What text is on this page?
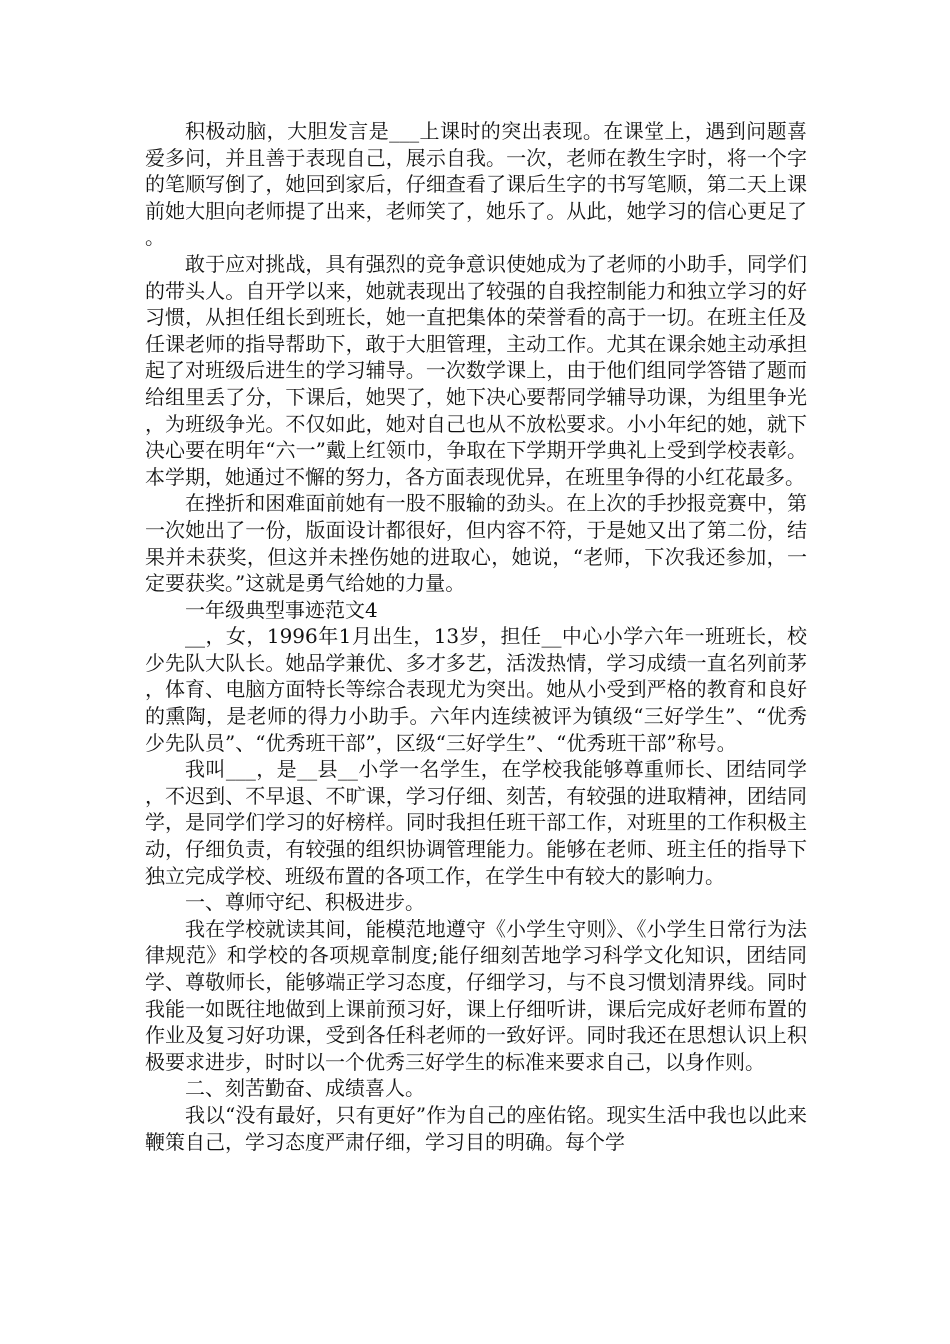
积极动脑，大胆发言是___上课时的突出表现。在课堂上，遇到问题喜爱多问，并且善于表现自己，展示自我。一次，老师在教生字时，将一个字的笔顺写倒了，她回到家后，仔细查看了课后生字的书写笔顺，第二天上课前她大胆向老师提了出来，老师笑了，她乐了。从此，她学习的信心更足了。

敢于应对挑战，具有强烈的竞争意识使她成为了老师的小助手，同学们的带头人。自开学以来，她就表现出了较强的自我控制能力和独立学习的好习惯，从担任组长到班长，她一直把集体的荣誉看的高于一切。在班主任及任课老师的指导帮助下，敢于大胆管理，主动工作。尤其在课余她主动承担起了对班级后进生的学习辅导。一次数学课上，由于他们组同学答错了题而给组里丢了分，下课后，她哭了，她下决心要帮同学辅导功课，为组里争光，为班级争光。不仅如此，她对自己也从不放松要求。小小年纪的她，就下决心要在明年“六一”戴上红领巾，争取在下学期开学典礼上受到学校表彰。本学期，她通过不懈的努力，各方面表现优异，在班里争得的小红花最多。

在挫折和困难面前她有一股不服输的劲头。在上次的手抄报竞赛中，第一次她出了一份，版面设计都很好，但内容不符，于是她又出了第二份，结果并未获奖，但这并未挫伤她的进取心，她说，“老师，下次我还参加，一定要获奖。”这就是勇气给她的力量。

一年级典型事迹范文4

__，女，1996年1月出生，13岁，担任__中心小学六年一班班长，校少先队大队长。她品学兼优、多才多艺，活泼热情，学习成绩一直名列前茅，体育、电脑方面特长等综合表现尤为突出。她从小受到严格的教育和良好的熏陶，是老师的得力小助手。六年内连续被评为镇级“三好学生”、“优秀少先队员”、“优秀班干部”，区级“三好学生”、“优秀班干部”称号。

我叫___，是__县__小学一名学生，在学校我能够尊重师长、团结同学，不迟到、不早退、不旷课，学习仔细、刻苦，有较强的进取精神，团结同学，是同学们学习的好榜样。同时我担任班干部工作，对班里的工作积极主动，仔细负责，有较强的组织协调管理能力。能够在老师、班主任的指导下独立完成学校、班级布置的各项工作，在学生中有较大的影响力。

一、尊师守纪、积极进步。

我在学校就读其间，能模范地遵守《小学生守则》、《小学生日常行为法律规范》和学校的各项规章制度;能仔细刻苦地学习科学文化知识，团结同学、尊敬师长，能够端正学习态度，仔细学习，与不良习惯划清界线。同时我能一如既往地做到上课前预习好，课上仔细听讲，课后完成好老师布置的作业及复习好功课，受到各任科老师的一致好评。同时我还在思想认识上积极要求进步，时时以一个优秀三好学生的标准来要求自己，以身作则。

二、刻苦勤奋、成绩喜人。

我以“没有最好，只有更好”作为自己的座佑铭。现实生活中我也以此来鞭策自己，学习态度严肃仔细，学习目的明确。每个学
